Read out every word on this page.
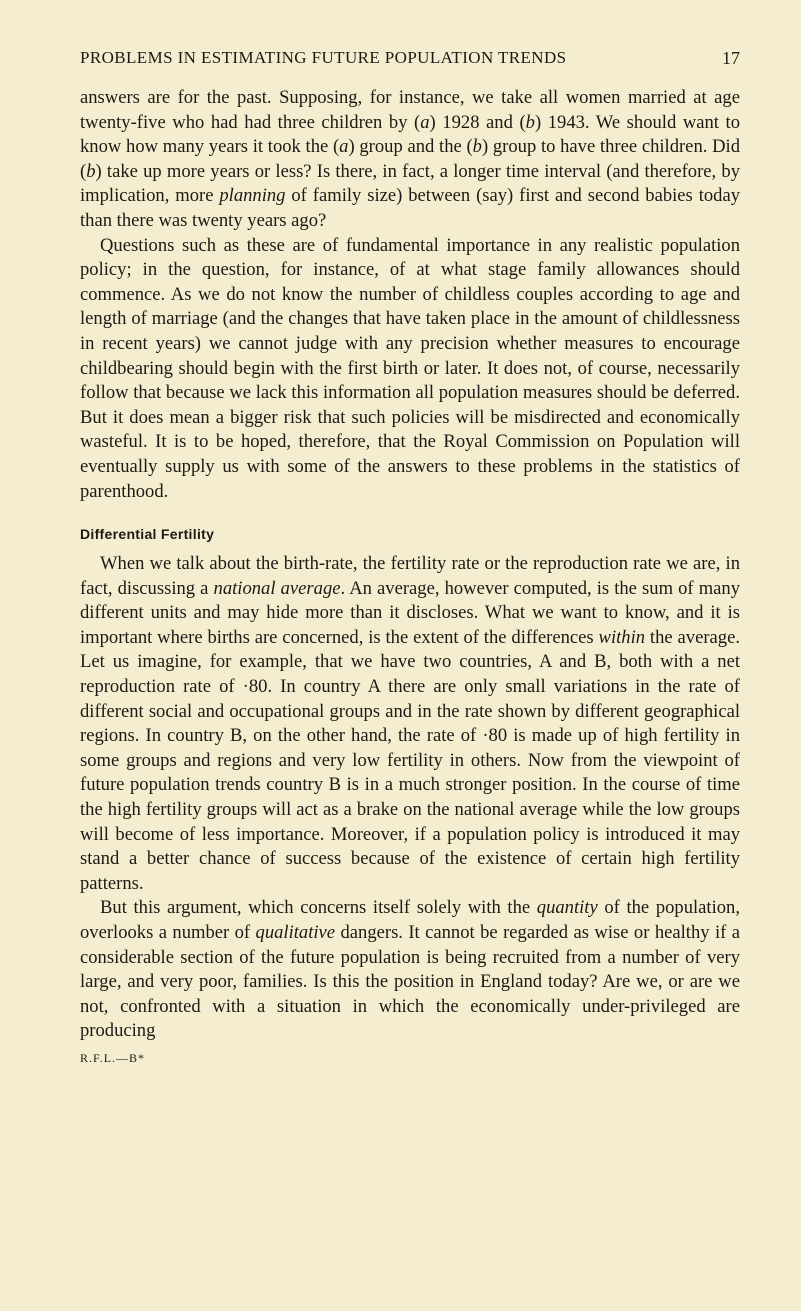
PROBLEMS IN ESTIMATING FUTURE POPULATION TRENDS	17

answers are for the past. Supposing, for instance, we take all women married at age twenty-five who had had three children by (a) 1928 and (b) 1943. We should want to know how many years it took the (a) group and the (b) group to have three children. Did (b) take up more years or less? Is there, in fact, a longer time interval (and therefore, by implication, more planning of family size) between (say) first and second babies today than there was twenty years ago?

Questions such as these are of fundamental importance in any realistic population policy; in the question, for instance, of at what stage family allowances should commence. As we do not know the number of childless couples according to age and length of marriage (and the changes that have taken place in the amount of childlessness in recent years) we cannot judge with any precision whether measures to encourage childbearing should begin with the first birth or later. It does not, of course, necessarily follow that because we lack this information all population measures should be deferred. But it does mean a bigger risk that such policies will be misdirected and economically wasteful. It is to be hoped, therefore, that the Royal Commission on Population will eventually supply us with some of the answers to these problems in the statistics of parenthood.

Differential Fertility

When we talk about the birth-rate, the fertility rate or the reproduction rate we are, in fact, discussing a national average. An average, however computed, is the sum of many different units and may hide more than it discloses. What we want to know, and it is important where births are concerned, is the extent of the differences within the average. Let us imagine, for example, that we have two countries, A and B, both with a net reproduction rate of ·80. In country A there are only small variations in the rate of different social and occupational groups and in the rate shown by different geographical regions. In country B, on the other hand, the rate of ·80 is made up of high fertility in some groups and regions and very low fertility in others. Now from the viewpoint of future population trends country B is in a much stronger position. In the course of time the high fertility groups will act as a brake on the national average while the low groups will become of less importance. Moreover, if a population policy is introduced it may stand a better chance of success because of the existence of certain high fertility patterns.

But this argument, which concerns itself solely with the quantity of the population, overlooks a number of qualitative dangers. It cannot be regarded as wise or healthy if a considerable section of the future population is being recruited from a number of very large, and very poor, families. Is this the position in England today? Are we, or are we not, confronted with a situation in which the economically under-privileged are producing

R.F.L.—B*
